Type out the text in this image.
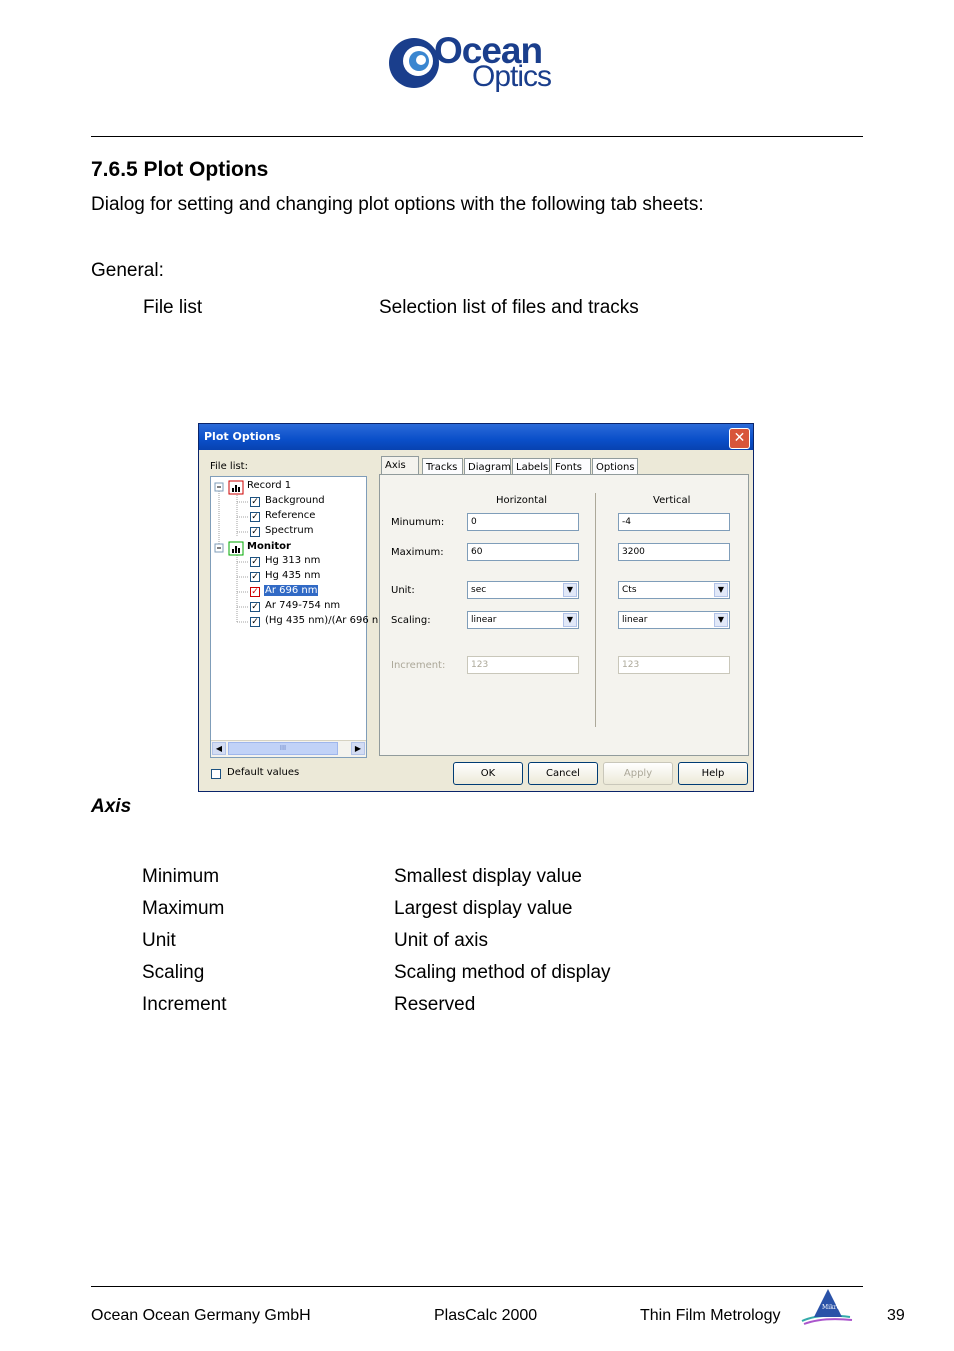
Ocean
Optics
7.6.5 Plot Options
Dialog for setting and changing plot options with the following tab sheets:
General:
File list	Selection list of files and tracks
Plot Options	✕
File list:
Record 1
✓ Background
✓ Reference
✓ Spectrum
Monitor
✓ Hg 313 nm
✓ Hg 435 nm
✓ Ar 696 nm
✓ Ar 749-754 nm
✓ (Hg 435 nm)/(Ar 696 n
◀	III	▶
Axis	Tracks	Diagram Labels Fonts	Options
Horizontal	Vertical
Minumum:	0	-4
Maximum:	60	3200
Unit:	sec	▼	Cts	▼
Scaling:	linear	▼	linear	▼
Increment:	123	123
Default values	OK	Cancel	Apply	Help
Axis
Minimum	Smallest display value
Maximum	Largest display value
Unit	Unit of axis
Scaling	Scaling method of display
Increment	Reserved
Ocean Ocean Germany GmbH	PlasCalc 2000	Thin Film Metrology	Mikropack 39
